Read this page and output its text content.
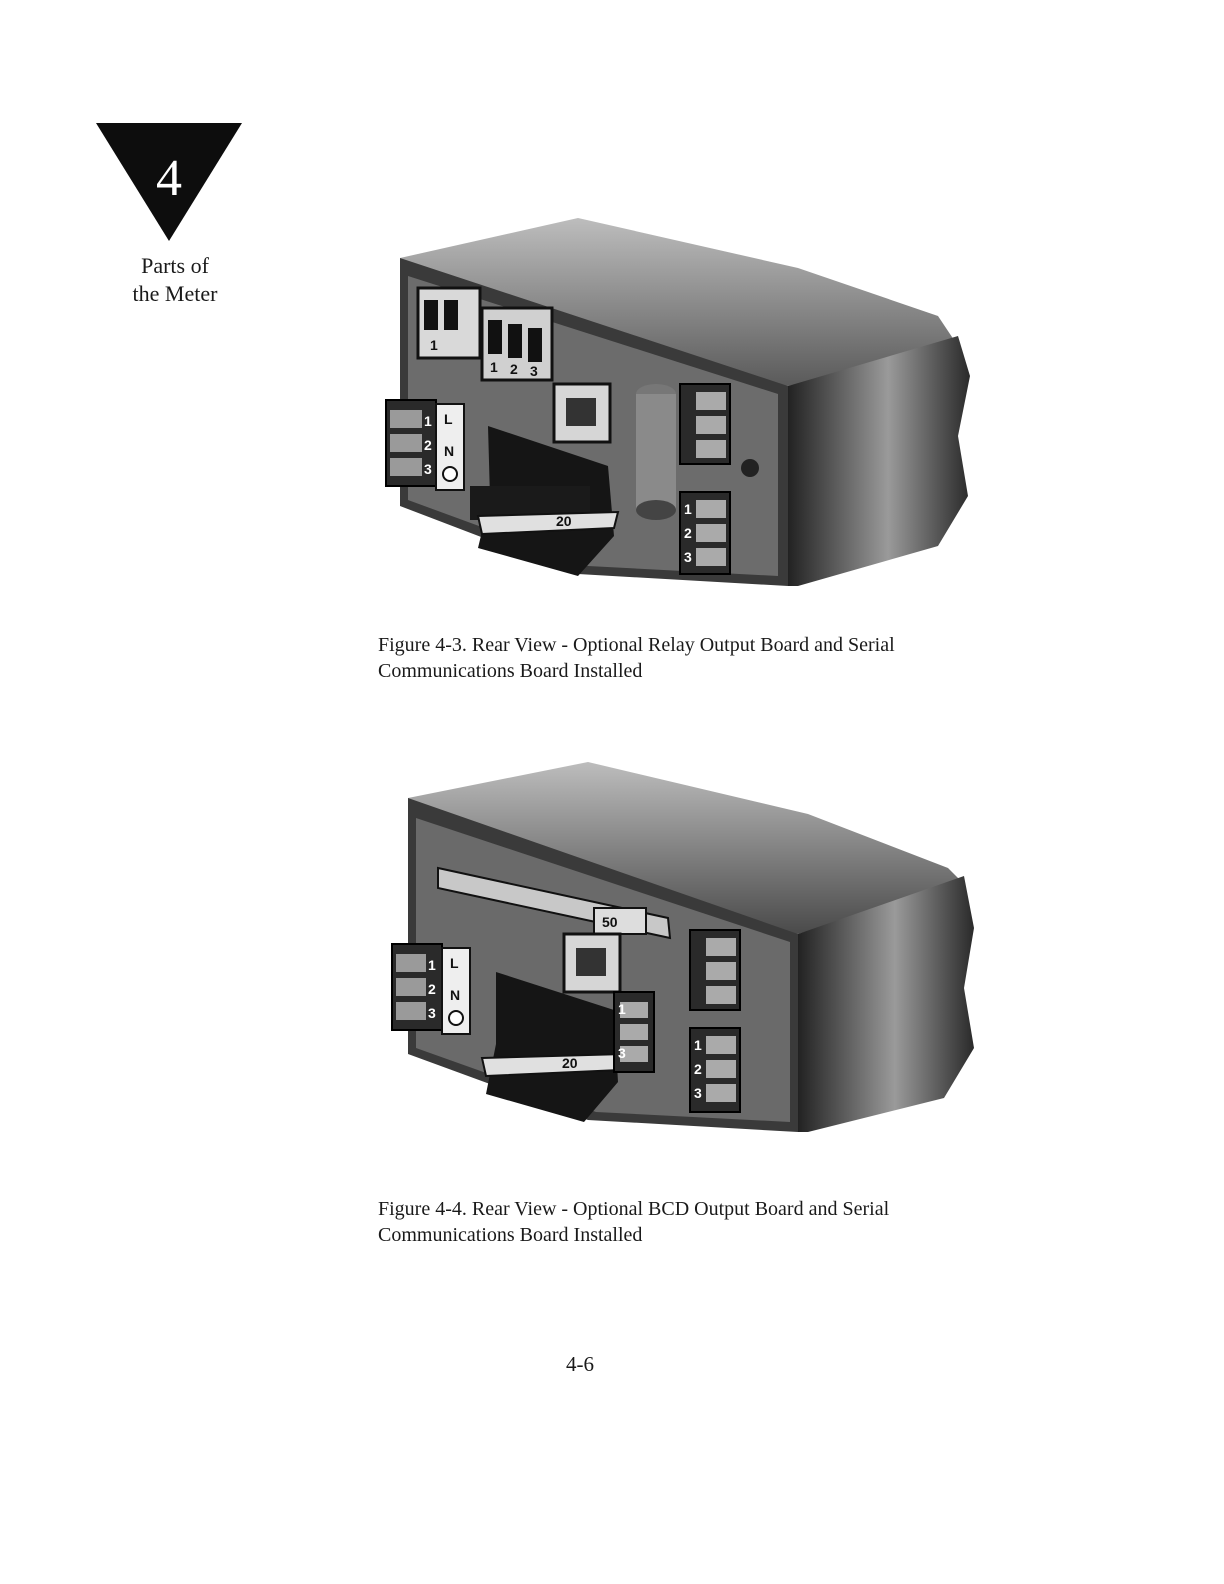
4
Parts of
the Meter
1
1 2 3
1
2
3
L
N
20
1
2
3
Figure 4-3. Rear View - Optional Relay Output Board and Serial
Communications Board Installed
50
1
2
3
L
N
20
1
3	1
2
3
Figure 4-4. Rear View - Optional BCD Output Board and Serial
Communications Board Installed
4-6
